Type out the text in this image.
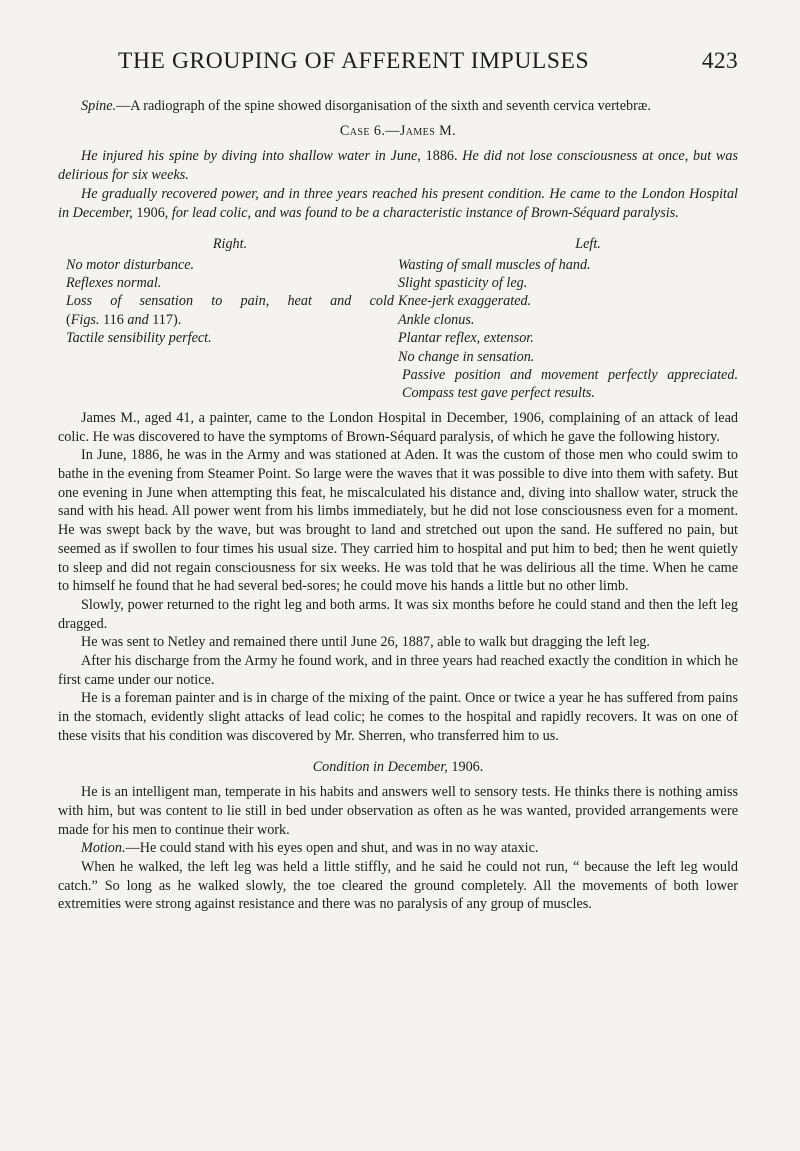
THE GROUPING OF AFFERENT IMPULSES	423

Spine.—A radiograph of the spine showed disorganisation of the sixth and seventh cervica vertebræ.

Case 6.—James M.

He injured his spine by diving into shallow water in June, 1886. He did not lose consciousness at once, but was delirious for six weeks.

He gradually recovered power, and in three years reached his present condition. He came to the London Hospital in December, 1906, for lead colic, and was found to be a characteristic instance of Brown-Séquard paralysis.

Right.
No motor disturbance.
Reflexes normal.
Loss of sensation to pain, heat and cold
(Figs. 116 and 117).
Tactile sensibility perfect.
Left.
Wasting of small muscles of hand.
Slight spasticity of leg.
Knee-jerk exaggerated.
Ankle clonus.
Plantar reflex, extensor.
No change in sensation.
Passive position and movement perfectly appreciated. Compass test gave perfect results.

James M., aged 41, a painter, came to the London Hospital in December, 1906, complaining of an attack of lead colic. He was discovered to have the symptoms of Brown-Séquard paralysis, of which he gave the following history.

In June, 1886, he was in the Army and was stationed at Aden. It was the custom of those men who could swim to bathe in the evening from Steamer Point. So large were the waves that it was possible to dive into them with safety. But one evening in June when attempting this feat, he miscalculated his distance and, diving into shallow water, struck the sand with his head. All power went from his limbs immediately, but he did not lose consciousness even for a moment. He was swept back by the wave, but was brought to land and stretched out upon the sand. He suffered no pain, but seemed as if swollen to four times his usual size. They carried him to hospital and put him to bed; then he went quietly to sleep and did not regain consciousness for six weeks. He was told that he was delirious all the time. When he came to himself he found that he had several bed-sores; he could move his hands a little but no other limb.

Slowly, power returned to the right leg and both arms. It was six months before he could stand and then the left leg dragged.

He was sent to Netley and remained there until June 26, 1887, able to walk but dragging the left leg.

After his discharge from the Army he found work, and in three years had reached exactly the condition in which he first came under our notice.

He is a foreman painter and is in charge of the mixing of the paint. Once or twice a year he has suffered from pains in the stomach, evidently slight attacks of lead colic; he comes to the hospital and rapidly recovers. It was on one of these visits that his condition was discovered by Mr. Sherren, who transferred him to us.

Condition in December, 1906.

He is an intelligent man, temperate in his habits and answers well to sensory tests. He thinks there is nothing amiss with him, but was content to lie still in bed under observation as often as he was wanted, provided arrangements were made for his men to continue their work.

Motion.—He could stand with his eyes open and shut, and was in no way ataxic.

When he walked, the left leg was held a little stiffly, and he said he could not run, “ because the left leg would catch.” So long as he walked slowly, the toe cleared the ground completely. All the movements of both lower extremities were strong against resistance and there was no paralysis of any group of muscles.
